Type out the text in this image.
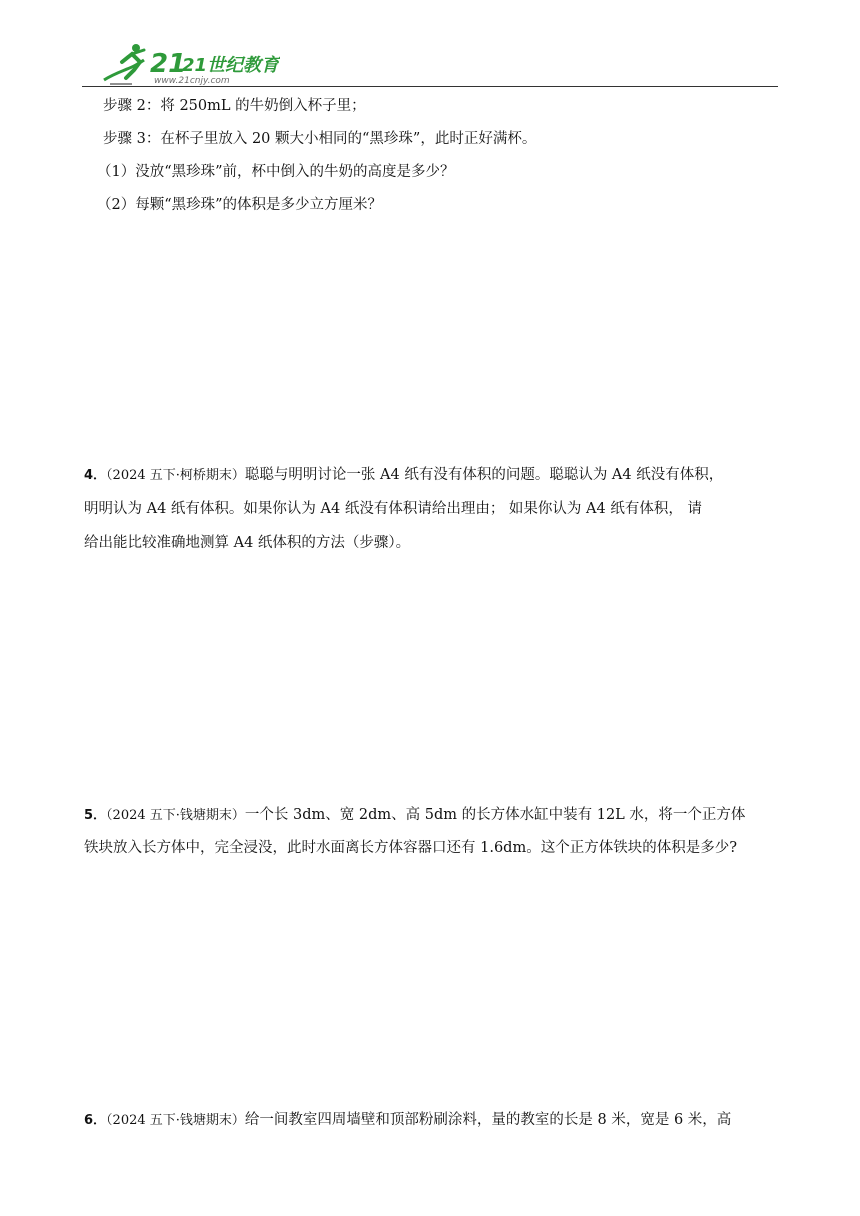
21
21世纪教育
www.21cnjy.com
步骤 2：将 250mL 的牛奶倒入杯子里；
步骤 3：在杯子里放入 20 颗大小相同的“黑珍珠”，此时正好满杯。
（1）没放“黑珍珠”前，杯中倒入的牛奶的高度是多少？
（2）每颗“黑珍珠”的体积是多少立方厘米？
4．（2024 五下·柯桥期末）聪聪与明明讨论一张 A4 纸有没有体积的问题。聪聪认为 A4 纸没有体积，
明明认为 A4 纸有体积。如果你认为 A4 纸没有体积请给出理由； 如果你认为 A4 纸有体积， 请
给出能比较准确地测算 A4 纸体积的方法（步骤）。
5．（2024 五下·钱塘期末）一个长 3dm、宽 2dm、高 5dm 的长方体水缸中装有 12L 水，将一个正方体
铁块放入长方体中，完全浸没，此时水面离长方体容器口还有 1.6dm。这个正方体铁块的体积是多少?
6．（2024 五下·钱塘期末）给一间教室四周墙壁和顶部粉刷涂料，量的教室的长是 8 米，宽是 6 米，高
